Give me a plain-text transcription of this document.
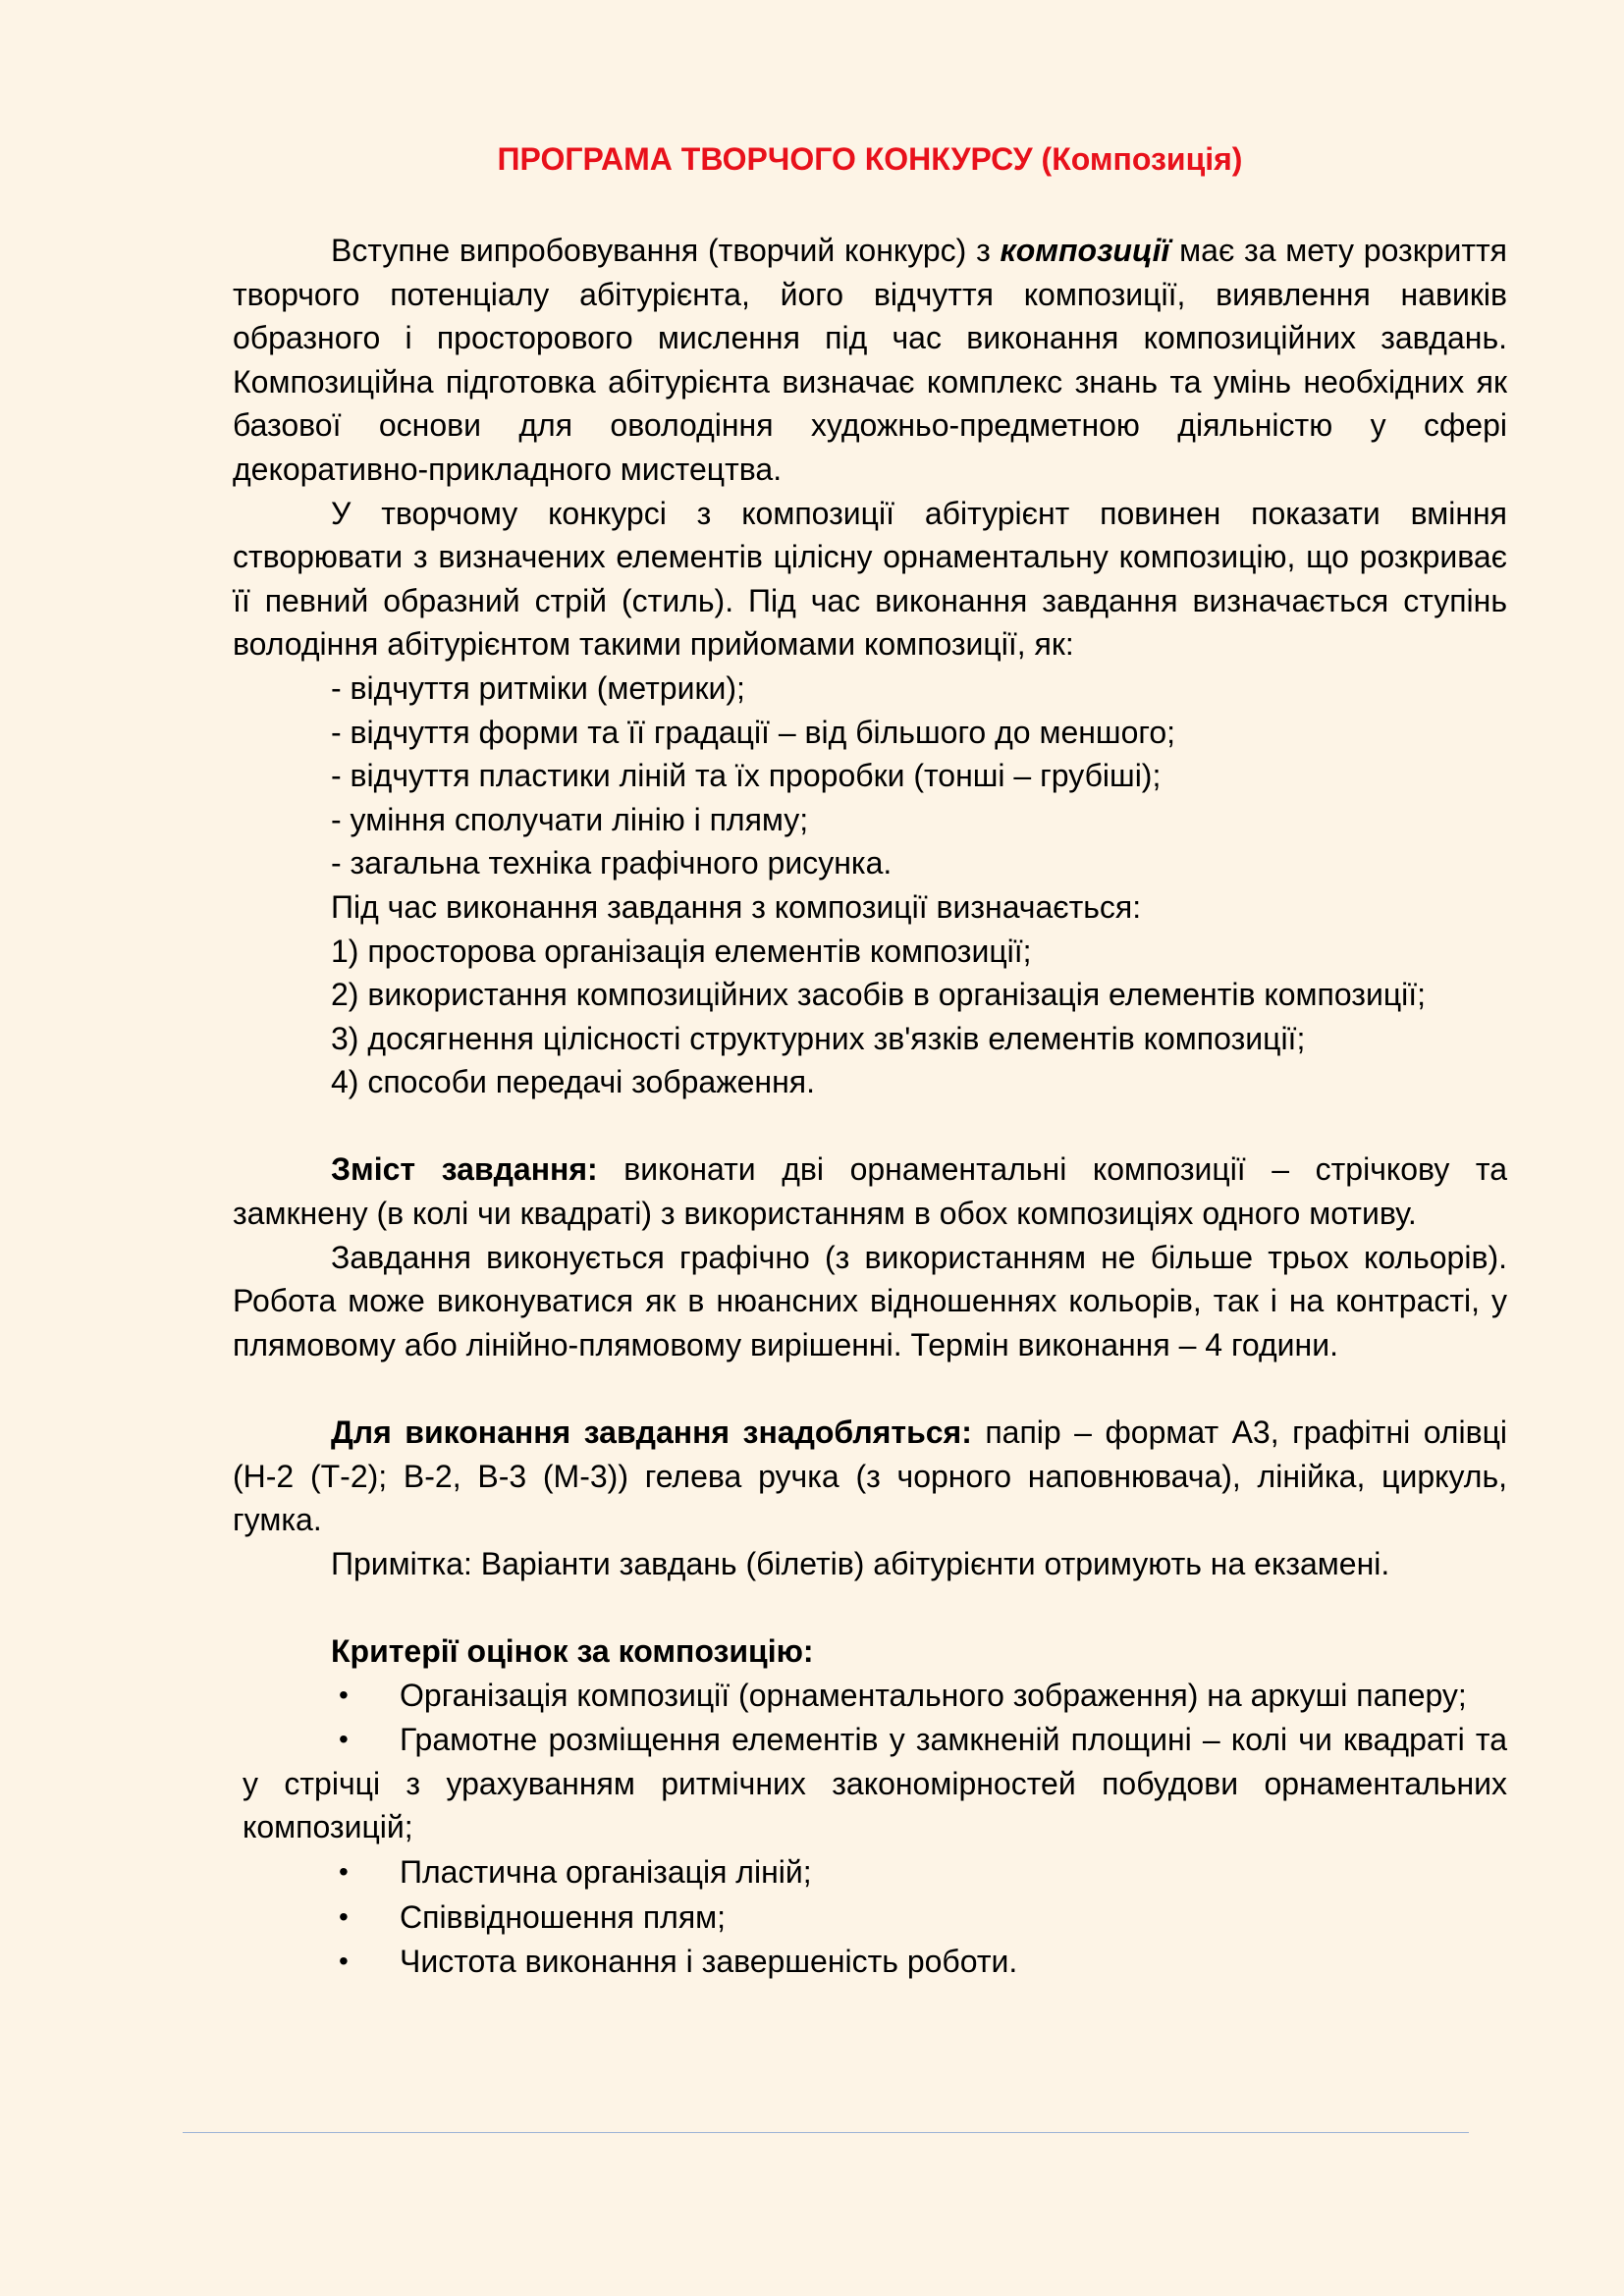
ПРОГРАМА ТВОРЧОГО КОНКУРСУ (Композиція)

Вступне випробовування (творчий конкурс) з композиції має за мету розкриття творчого потенціалу абітурієнта, його відчуття композиції, виявлення навиків образного і просторового мислення під час виконання композиційних завдань. Композиційна підготовка абітурієнта визначає комплекс знань та умінь необхідних як базової основи для оволодіння художньо-предметною діяльністю у сфері декоративно-прикладного мистецтва.

У творчому конкурсі з композиції абітурієнт повинен показати вміння створювати з визначених елементів цілісну орнаментальну композицію, що розкриває її певний образний стрій (стиль). Під час виконання завдання визначається ступінь володіння абітурієнтом такими прийомами композиції, як:

- відчуття ритміки (метрики);

- відчуття форми та її градації – від більшого до меншого;

- відчуття пластики ліній та їх проробки (тонші – грубіші);

- уміння сполучати лінію і пляму;

- загальна техніка графічного рисунка.

Під час виконання завдання з композиції визначається:

1) просторова організація елементів композиції;

2) використання композиційних засобів в організація елементів композиції;

3) досягнення цілісності структурних зв'язків елементів композиції;

4) способи передачі зображення.

Зміст завдання: виконати дві орнаментальні композиції – стрічкову та замкнену (в колі чи квадраті) з використанням в обох композиціях одного мотиву.

Завдання виконується графічно (з використанням не більше трьох кольорів). Робота може виконуватися як в нюансних відношеннях кольорів, так і на контрасті, у плямовому або лінійно-плямовому вирішенні. Термін виконання – 4 години.

Для виконання завдання знадобляться: папір – формат А3, графітні олівці (Н-2 (Т-2); В-2, В-3 (М-3)) гелева ручка (з чорного наповнювача), лінійка, циркуль, гумка.

Примітка: Варіанти завдань (білетів) абітурієнти отримують на екзамені.

Критерії оцінок за композицію:

•	Організація композиції (орнаментального зображення) на аркуші паперу;
•	Грамотне розміщення елементів у замкненій площині – колі чи квадраті та у стрічці з урахуванням ритмічних закономірностей побудови орнаментальних композицій;
•	Пластична організація ліній;
•	Співвідношення плям;
•	Чистота виконання і завершеність роботи.
